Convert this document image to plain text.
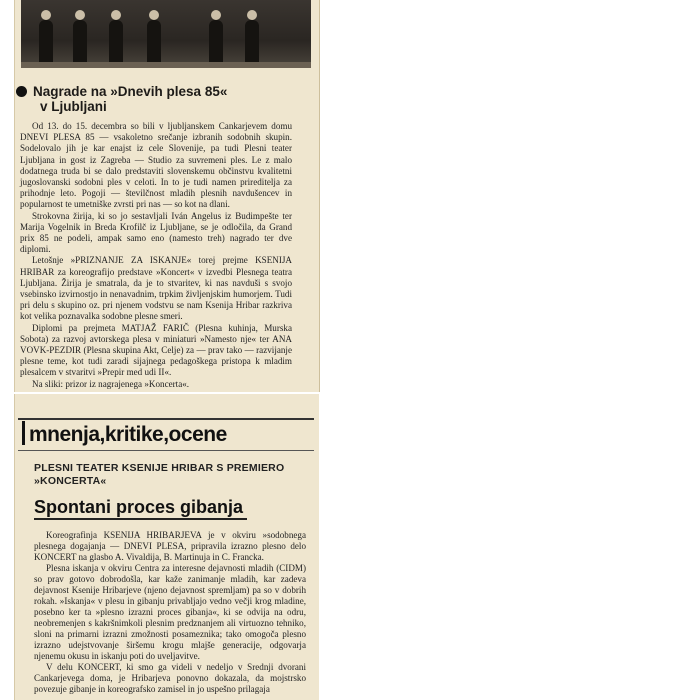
Nagrade na »Dnevih plesa 85«
v Ljubljani

Od 13. do 15. decembra so bili v ljubljanskem Cankarjevem domu DNEVI PLESA 85 — vsakoletno srečanje izbranih sodobnih skupin. Sodelovalo jih je kar enajst iz cele Slovenije, pa tudi Plesni teater Ljubljana in gost iz Zagreba — Studio za suvremeni ples. Le z malo dodatnega truda bi se dalo predstaviti slovenskemu občinstvu kvalitetni jugoslovanski sodobni ples v celoti. In to je tudi namen prireditelja za prihodnje leto. Pogoji — številčnost mladih plesnih navdušencev in popularnost te umetniške zvrsti pri nas — so kot na dlani.

Strokovna žirija, ki so jo sestavljali Iván Angelus iz Budimpešte ter Marija Vogelnik in Breda Krofilč iz Ljubljane, se je odločila, da Grand prix 85 ne podeli, ampak samo eno (namesto treh) nagrado ter dve diplomi.

Letošnje »PRIZNANJE ZA ISKANJE« torej prejme KSENIJA HRIBAR za koreografijo predstave »Koncert« v izvedbi Plesnega teatra Ljubljana. Žirija je smatrala, da je to stvaritev, ki nas navduši s svojo vsebinsko izvirnostjo in nenavadnim, trpkim življenjskim humorjem. Tudi pri delu s skupino oz. pri njenem vodstvu se nam Ksenija Hribar razkriva kot velika poznavalka sodobne plesne smeri.

Diplomi pa prejmeta MATJAŽ FARIČ (Plesna kuhinja, Murska Sobota) za razvoj avtorskega plesa v miniaturi »Namesto nje« ter ANA VOVK-PEZDIR (Plesna skupina Akt, Celje) za — prav tako — razvijanje plesne teme, kot tudi zaradi sijajnega pedagoškega pristopa k mladim plesalcem v stvaritvi »Prepir med udi II«.

Na sliki: prizor iz nagrajenega »Koncerta«.

mnenja,kritike,ocene
PLESNI TEATER KSENIJE HRIBAR S PREMIERO »KONCERTA«
Spontani proces gibanja

Koreografinja KSENIJA HRIBARJEVA je v okviru »sodobnega plesnega dogajanja — DNEVI PLESA, pripravila izrazno plesno delo KONCERT na glasbo A. Vivaldija, B. Martinuja in C. Francka.

Plesna iskanja v okviru Centra za interesne dejavnosti mladih (CIDM) so prav gotovo dobrodošla, kar kaže zanimanje mladih, kar zadeva dejavnost Ksenije Hribarjeve (njeno dejavnost spremljam) pa so v dobrih rokah. »Iskanja« v plesu in gibanju privabljajo vedno večji krog mladine, posebno ker ta »plesno izrazni proces gibanja«, ki se odvija na odru, neobremenjen s kakršnimkoli plesnim predznanjem ali virtuozno tehniko, sloni na primarni izrazni zmožnosti posameznika; tako omogoča plesno izrazno udejstvovanje širšemu krogu mlajše generacije, odgovarja njenemu okusu in iskanju poti do uveljavitve.

V delu KONCERT, ki smo ga videli v nedeljo v Srednji dvorani Cankarjevega doma, je Hribarjeva ponovno dokazala, da mojstrsko povezuje gibanje in koreografsko zamisel in jo uspešno prilagaja
